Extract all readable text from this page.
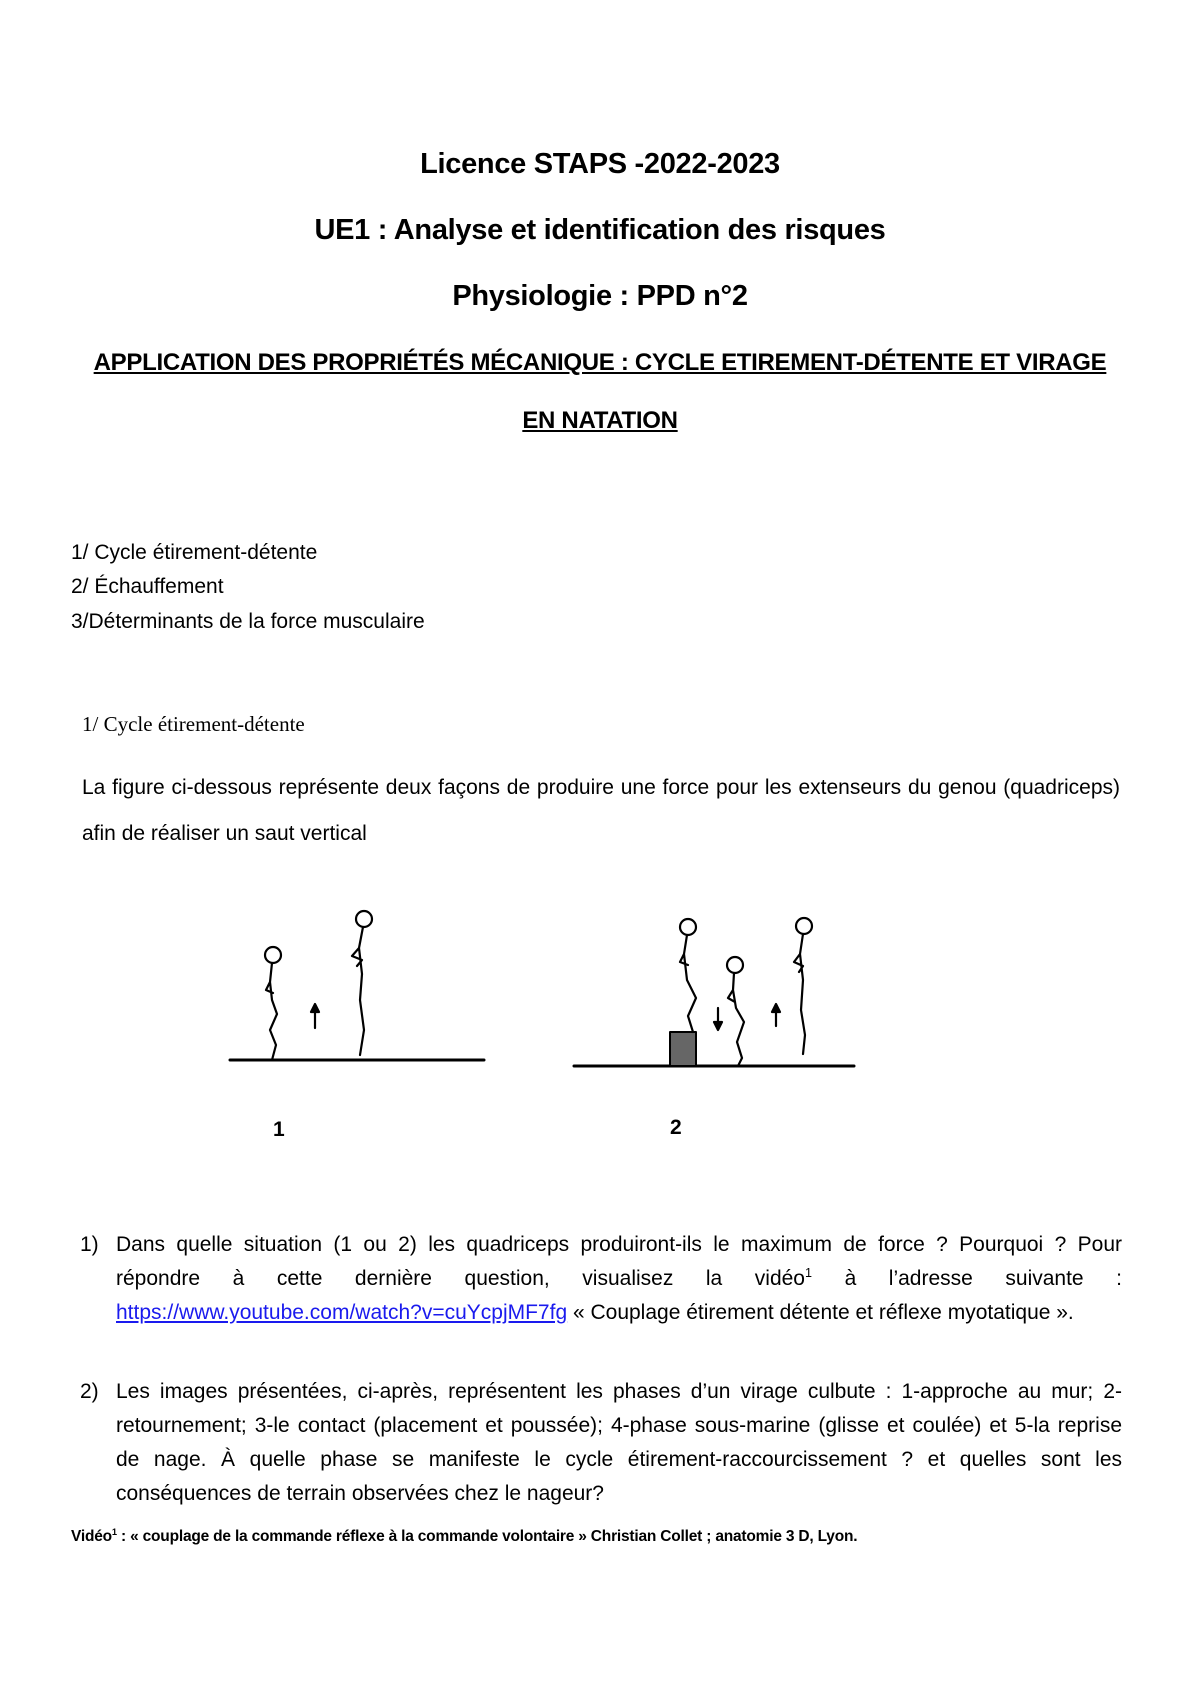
Licence STAPS -2022-2023
UE1 : Analyse et identification des risques
Physiologie : PPD n°2
APPLICATION DES PROPRIÉTÉS MÉCANIQUE : CYCLE ETIREMENT-DÉTENTE ET VIRAGE EN NATATION
1/ Cycle étirement-détente
2/ Échauffement
3/Déterminants de la force musculaire
1/ Cycle étirement-détente
La figure ci-dessous représente deux façons de produire une force pour les extenseurs du genou (quadriceps) afin de réaliser un saut vertical
1	2
1) Dans quelle situation (1 ou 2) les quadriceps produiront-ils le maximum de force ? Pourquoi ? Pour répondre à cette dernière question, visualisez la vidéo$^1$ à l’adresse suivante : https://www.youtube.com/watch?v=cuYcpjMF7fg « Couplage étirement détente et réflexe myotatique ».
2) Les images présentées, ci-après, représentent les phases d’un virage culbute : 1-approche au mur; 2-retournement; 3-le contact (placement et poussée); 4-phase sous-marine (glisse et coulée) et 5-la reprise de nage. À quelle phase se manifeste le cycle étirement-raccourcissement ? et quelles sont les conséquences de terrain observées chez le nageur?
Vidéo$^1$ : « couplage de la commande réflexe à la commande volontaire » Christian Collet ; anatomie 3 D, Lyon.
